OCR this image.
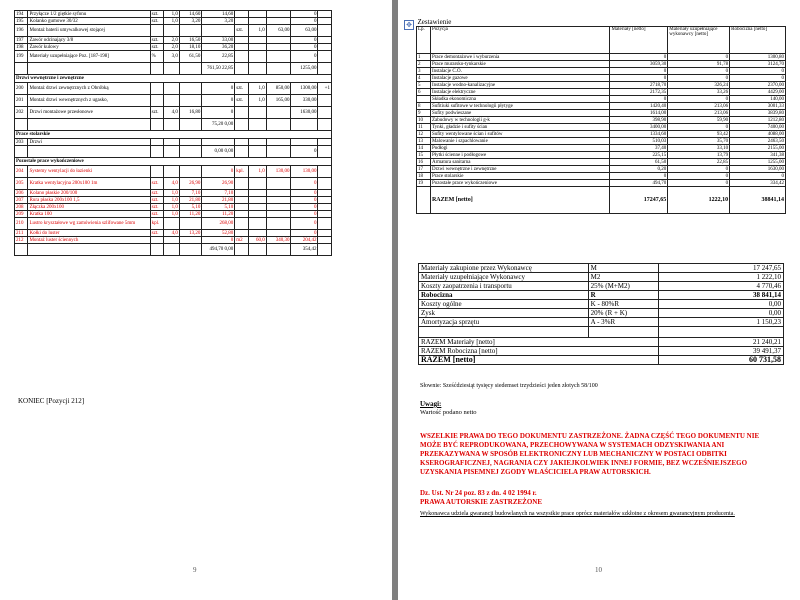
194	Przyłącze 1/2 giętkie syfonu	szt.	1,0	14,60	14,60				0	
195	Kolanko gumowe 30/32	szt.	1,0	3,20	3,20				0	
196	Montaż baterii umywalkowej stojącej					szt.	1,0	63,00	63,00	
197	Zawór odcinający 3/8	szt.	2,0	16,50	33,00				0	
198	Zawór kulowy	szt.	2,0	18,10	36,20				0	
199	Materiały uzupełniające Poz. [187-198]	%	3,0	61,50	22,85				0	
					761,50 22,85				1255,00	
Drzwi wewnętrzne i zewnętrzne										
200	Montaż drzwi zewnętrznych z Obróbką				0	szt.	1,0	850,00	1300,00	+1
201	Montaż drzwi wewnętrznych z ugasko,				0	szt.	1,0	165,00	330,00	
202	Drzwi montażowe przesłonowe	szt.	4,0	16,80	0				1630,00	
					75,20 0,00					
Prace stolarskie										
203	Drzwi									
					0,00 0,00				0	
Pozostałe prace wykończeniowe										
204	Systemy wentylacji do łazienki				0	kpl.	1,0	130,00	130,00	
205	Kratka wentylacyjna 200x100 1m	szt.	4,0	26,90	26,90				0	
206	Kolano płaskie 200/100	szt.	1,0	7,10	7,10				0	
207	Rura płaska 200x100 1,5	szt.	1,0	21,80	21,80				0	
208	Złączka 200x100	szt.	1,0	5,10	5,10				0	
209	Kratka 100	szt.	1,0	11,20	11,20				0	
210	Lustro kryształowe wg zamówienia szlifowane 5mm	kpl.			268,00				0	
211	Kołki do luster	szt.	4,0	13,20	52,80				0	
212	Montaż luster ściennych				0	m2	60,0	340,30	204,42	
					494,70 0,00				354,42	
KONIEC [Pozycji 212]
9
✥ Zestawienie				
Lp.	Pozycja	Materiały [netto]	Materiały uzupełniające wykonawcy [netto]	Robocizna [netto]
1	Prace demontażowe i wyburzenia	0	0	1300,80
2	Prace murarsko-tynkarskie	3059,30	91,78	3124,70
3	Instalacje C.O.	0	0	0
4	Instalacje gazowe	0	0	0
5	Instalacje wodno-kanalizacyjne	2718,70	326,24	2370,00
6	Instalacje elektryczne	2172,35	33,26	4429,00
	Składka ekonomiczna	0	0	140,00
8	Sufitiuki sufitowe w technologii płytyge	1420,40	213,06	3001,33
9	Sufity podwieszane	1614,00	213,06	3839,80
10	Zabudowy w technologii g-k	398,90	59,90	1212,80
11	Tynki, gładzie i sufity ścian	3400,00	0	7400,00
12	Sufity wentylowane ścian i sufitów	1334,60	93,42	4088,00
13	Malowanie i szpachlowanie	510,03	35,70	2463,50
14	Podłogi	37,40	33,10	2155,00
15	Płytki ścienne i podłogowe	225,15	13,79	341,38
16	Armatura sanitarna	61,50	22,85	1255,00
17	Drzwi wewnętrzne i zewnętrzne	0,20	0	1630,00
18	Prace stolarskie	0	0	0
19	Pozostałe prace wykończeniowe	494,70	0	334,42
	RAZEM [netto]	17247,65	1222,10	38841,14
Materiały zakupione przez Wykonawcę	M	17 247,65
Materiały uzupełniające Wykonawcy	M2	1 222,10
Koszty zaopatrzenia i transportu	25% (M+M2)	4 770,46
Robocizna	R	38 841,14
Koszty ogólne	K - 80%R	0,00
Zysk	20% (R + K)	0,00
Amortyzacja sprzętu	A - 3%R	1 150,23

RAZEM Materiały [netto]		21 240,21
RAZEM Robocizna [netto]		39 491,37
RAZEM [netto]		60 731,58
Słownie: Sześćdziesiąt tysięcy siedemset trzydzieści jeden złotych 58/100
Uwagi:
Wartość podano netto

WSZELKIE PRAWA DO TEGO DOKUMENTU ZASTRZEŻONE. ŻADNA CZĘŚĆ TEGO DOKUMENTU NIE MOŻE BYĆ REPRODUKOWANA, PRZECHOWYWANA W SYSTEMACH ODZYSKIWANIA ANI PRZEKAZYWANA W SPOSÓB ELEKTRONICZNY LUB MECHANICZNY W POSTACI ODBITKI KSEROGRAFICZNEJ, NAGRANIA CZY JAKIEJKOLWIEK INNEJ FORMIE, BEZ WCZEŚNIEJSZEGO UZYSKANIA PISEMNEJ ZGODY WŁAŚCICIELA PRAW AUTORSKICH.

Dz. Ust. Nr 24 poz. 83 z dn. 4 02 1994 r.
PRAWA AUTORSKIE ZASTRZEŻONE

Wykonawca udziela gwarancji budowlanych na wszystkie prace oprócz materiałów szkłoine z okresem gwarancyjnym producenta.

10
